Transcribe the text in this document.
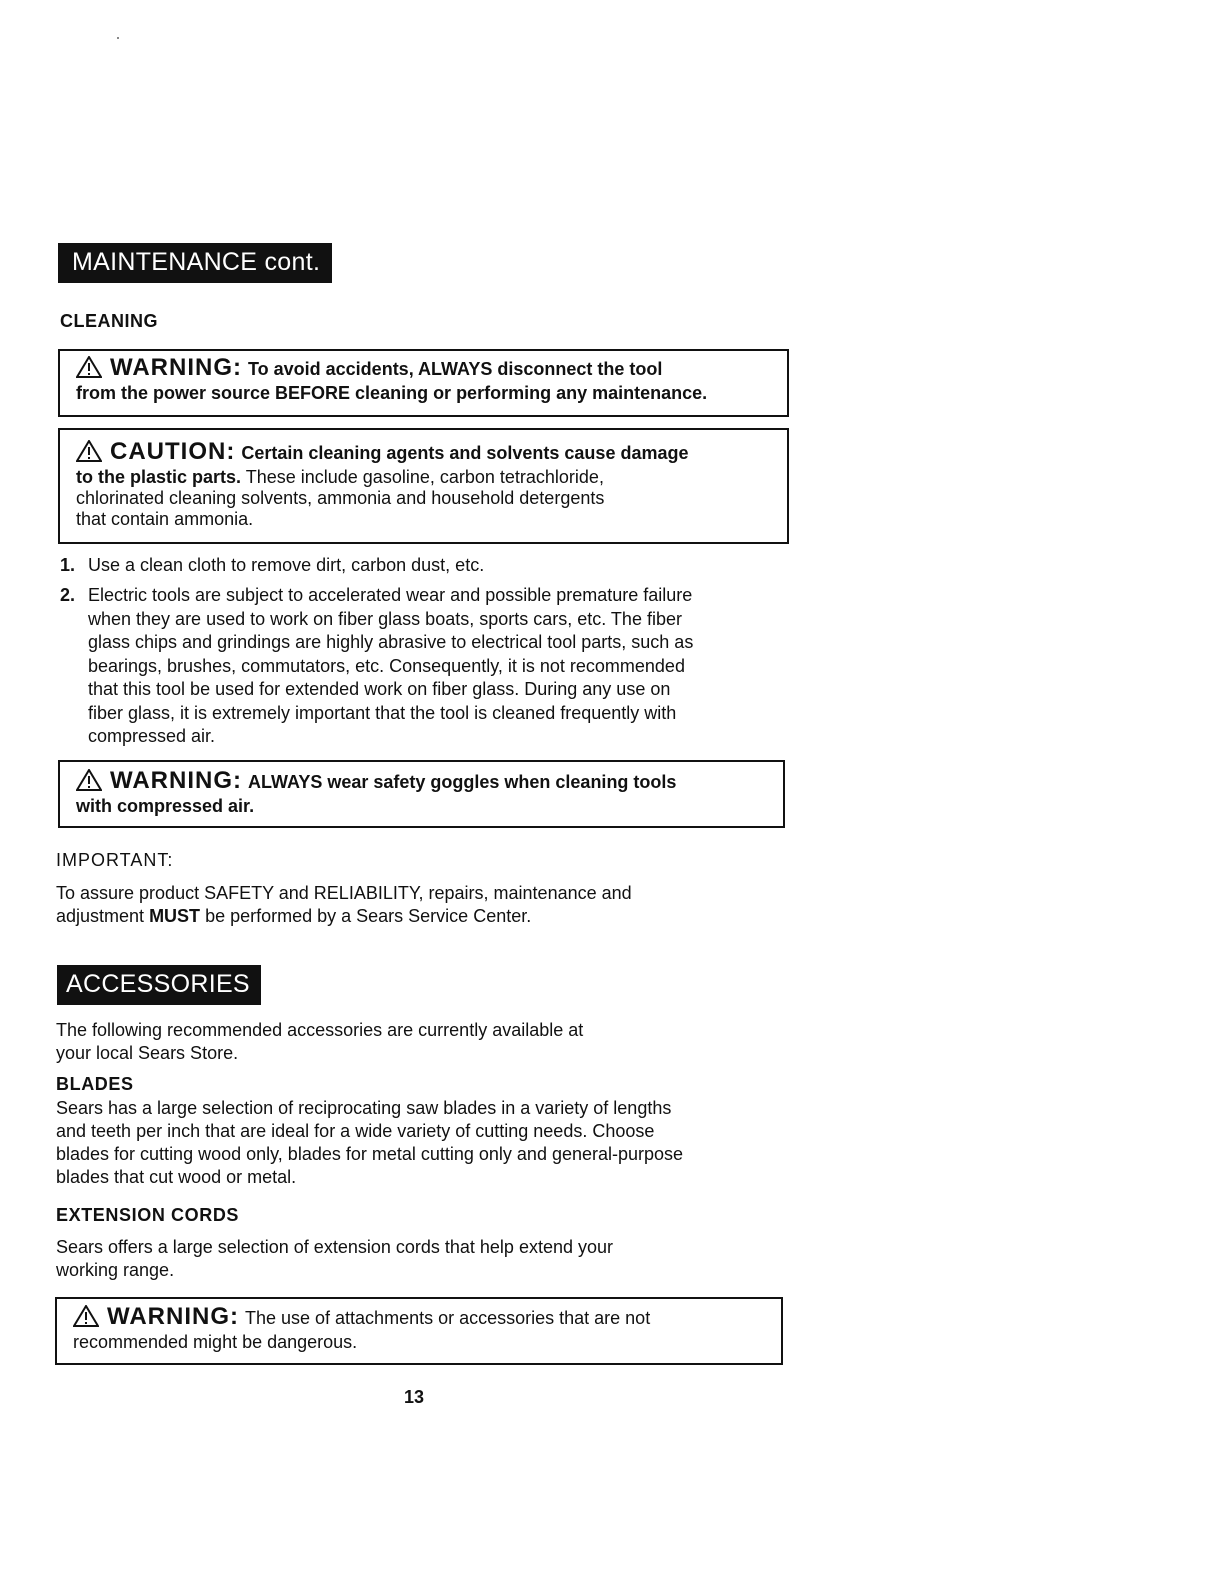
MAINTENANCE cont.
CLEANING
WARNING: To avoid accidents, ALWAYS disconnect the tool
from the power source BEFORE cleaning or performing any maintenance.
CAUTION: Certain cleaning agents and solvents cause damage
to the plastic parts. These include gasoline, carbon tetrachloride,
chlorinated cleaning solvents, ammonia and household detergents
that contain ammonia.
1. Use a clean cloth to remove dirt, carbon dust, etc.
2. Electric tools are subject to accelerated wear and possible premature failure
when they are used to work on fiber glass boats, sports cars, etc. The fiber
glass chips and grindings are highly abrasive to electrical tool parts, such as
bearings, brushes, commutators, etc. Consequently, it is not recommended
that this tool be used for extended work on fiber glass. During any use on
fiber glass, it is extremely important that the tool is cleaned frequently with
compressed air.
WARNING: ALWAYS wear safety goggles when cleaning tools
with compressed air.
IMPORTANT:
To assure product SAFETY and RELIABILITY, repairs, maintenance and
adjustment MUST be performed by a Sears Service Center.
ACCESSORIES
The following recommended accessories are currently available at
your local Sears Store.
BLADES
Sears has a large selection of reciprocating saw blades in a variety of lengths
and teeth per inch that are ideal for a wide variety of cutting needs. Choose
blades for cutting wood only, blades for metal cutting only and general-purpose
blades that cut wood or metal.
EXTENSION CORDS
Sears offers a large selection of extension cords that help extend your
working range.
WARNING: The use of attachments or accessories that are not
recommended might be dangerous.
13
